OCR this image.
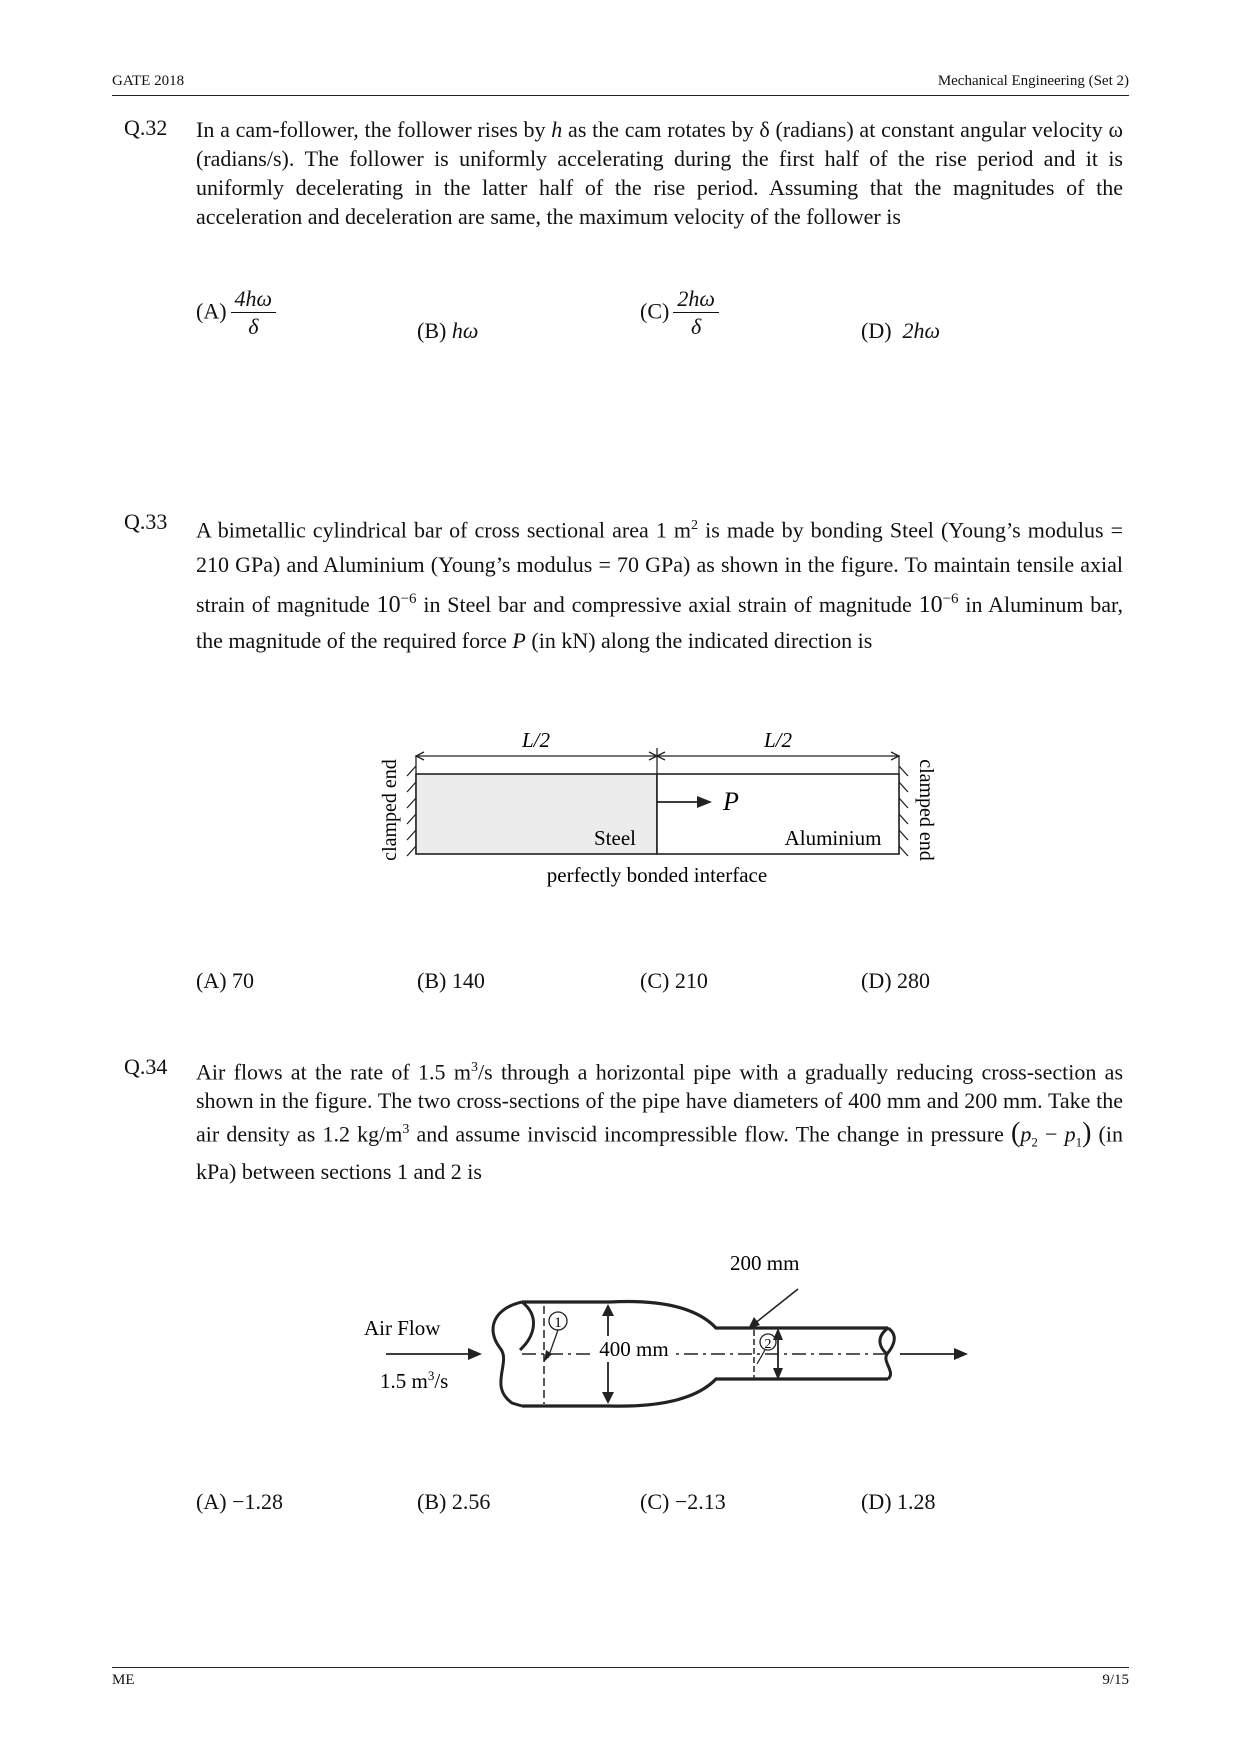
GATE 2018	Mechanical Engineering (Set 2)
Q.32 In a cam-follower, the follower rises by h as the cam rotates by δ (radians) at constant angular velocity ω (radians/s). The follower is uniformly accelerating during the first half of the rise period and it is uniformly decelerating in the latter half of the rise period. Assuming that the magnitudes of the acceleration and deceleration are same, the maximum velocity of the follower is
$(A) \frac{4h\omega}{\delta}$	(B) hω
$(C) \frac{2h\omega}{\delta}$	(D) 2hω
Q.33 A bimetallic cylindrical bar of cross sectional area 1 $m^2$ is made by bonding Steel (Young’s modulus = 210 GPa) and Aluminium (Young’s modulus = 70 GPa) as shown in the figure. To maintain tensile axial strain of magnitude $10^{-6}$ in Steel bar and compressive axial strain of magnitude $10^{-6}$ in Aluminum bar, the magnitude of the required force P (in kN) along the indicated direction is
L/2	L/2
P
Steel	Aluminium
perfectly bonded interface
clamped end	clamped end
(A) 70	(B) 140	(C) 210	(D) 280
Q.34 Air flows at the rate of 1.5 $m^3/s$ through a horizontal pipe with a gradually reducing cross-section as shown in the figure. The two cross-sections of the pipe have diameters of 400 mm and 200 mm. Take the air density as 1.2 $kg/m^3$ and assume inviscid incompressible flow. The change in pressure $(p_2 - p_1)$ (in kPa) between sections 1 and 2 is
1
400 mm	2
200 mm
Air Flow
1.5 $m^3/s$
(A) −1.28	(B) 2.56	(C) −2.13	(D) 1.28
ME	9/15
